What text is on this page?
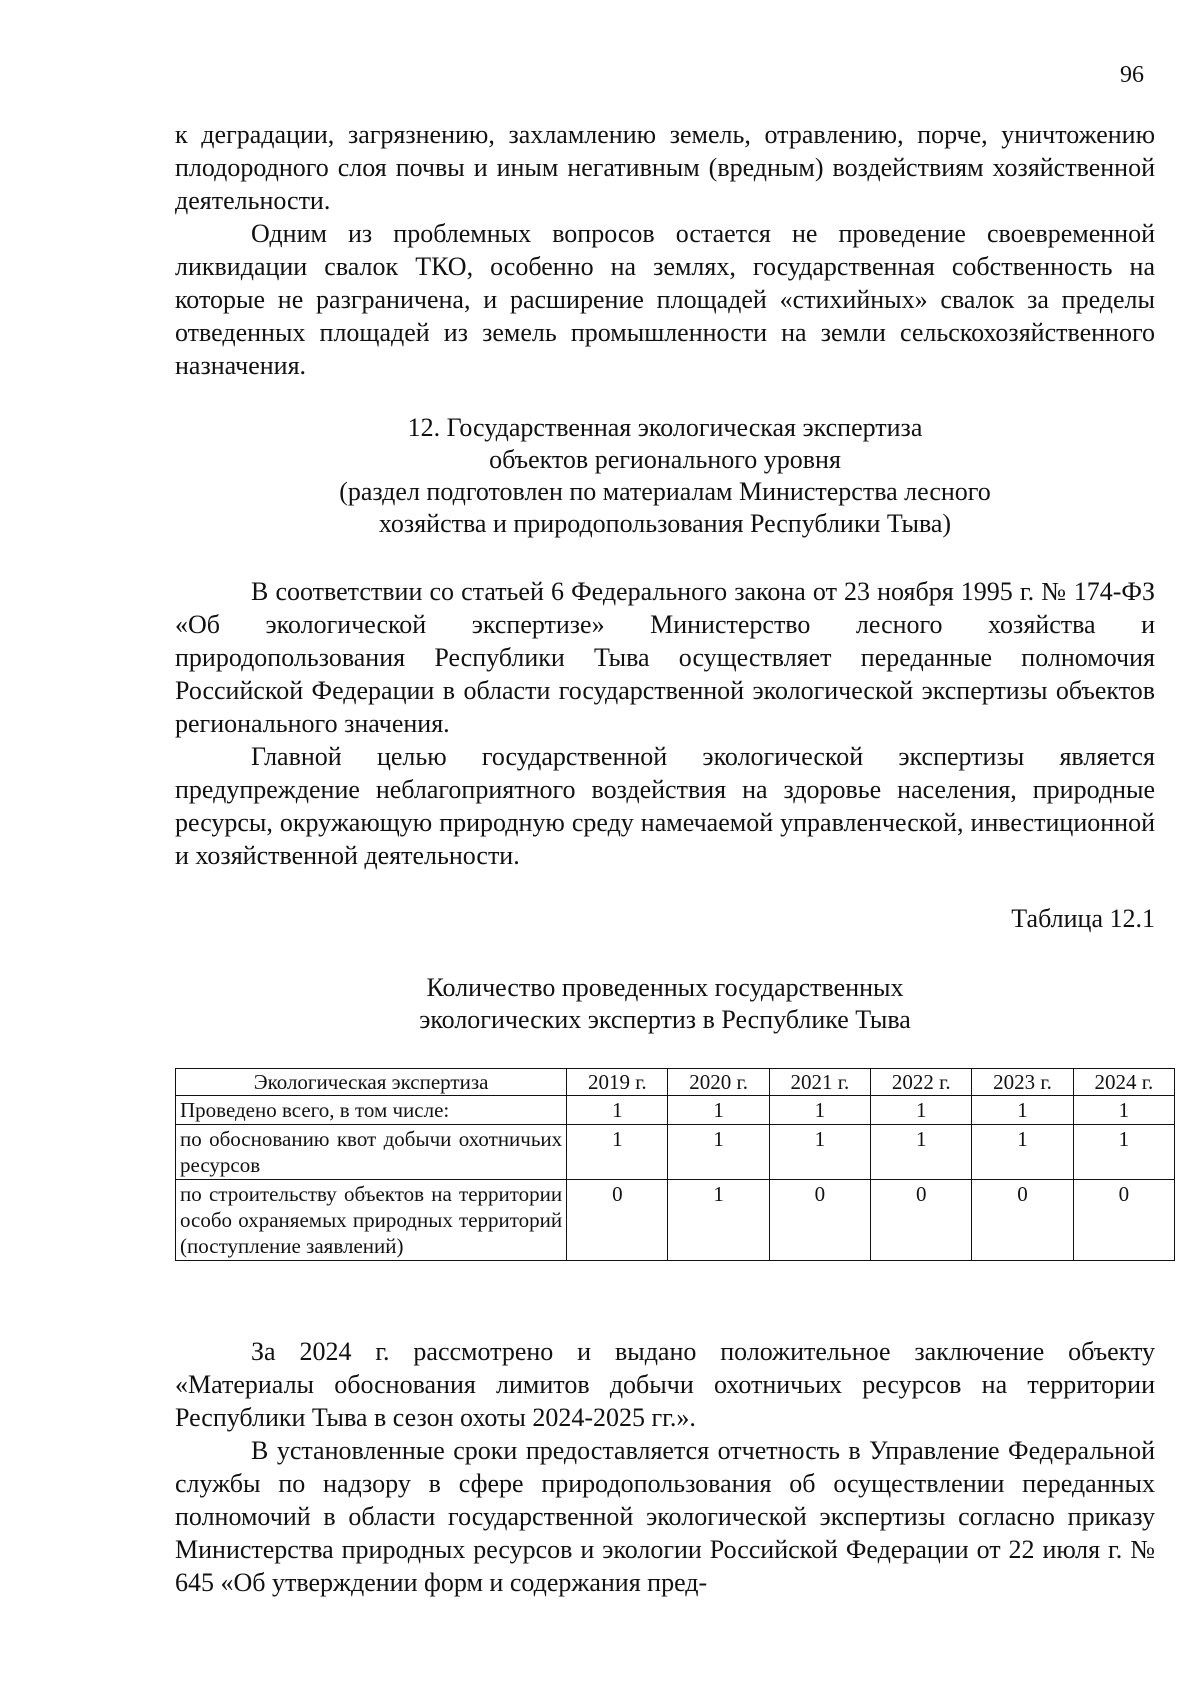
96

к деградации, загрязнению, захламлению земель, отравлению, порче, уничтожению плодородного слоя почвы и иным негативным (вредным) воздействиям хозяйственной деятельности.

Одним из проблемных вопросов остается не проведение своевременной ликвидации свалок ТКО, особенно на землях, государственная собственность на которые не разграничена, и расширение площадей «стихийных» свалок за пределы отведенных площадей из земель промышленности на земли сельскохозяйственного назначения.

12. Государственная экологическая экспертиза
объектов регионального уровня
(раздел подготовлен по материалам Министерства лесного
хозяйства и природопользования Республики Тыва)

В соответствии со статьей 6 Федерального закона от 23 ноября 1995 г. № 174-ФЗ «Об экологической экспертизе» Министерство лесного хозяйства и природопользования Республики Тыва осуществляет переданные полномочия Российской Федерации в области государственной экологической экспертизы объектов регионального значения.

Главной целью государственной экологической экспертизы является предупреждение неблагоприятного воздействия на здоровье населения, природные ресурсы, окружающую природную среду намечаемой управленческой, инвестиционной и хозяйственной деятельности.

Таблица 12.1
Количество проведенных государственных
экологических экспертиз в Республике Тыва
Экологическая экспертиза	2019 г.	2020 г.	2021 г.	2022 г.	2023 г.	2024 г.
Проведено всего, в том числе:	1	1	1	1	1	1
по обоснованию квот добычи охотничьих ресурсов	1	1	1	1	1	1
по строительству объектов на территории особо охраняемых природных территорий (поступление заявлений)	0	1	0	0	0	0

За 2024 г. рассмотрено и выдано положительное заключение объекту «Материалы обоснования лимитов добычи охотничьих ресурсов на территории Республики Тыва в сезон охоты 2024-2025 гг.».

В установленные сроки предоставляется отчетность в Управление Федеральной службы по надзору в сфере природопользования об осуществлении переданных полномочий в области государственной экологической экспертизы согласно приказу Министерства природных ресурсов и экологии Российской Федерации от 22 июля г. № 645 «Об утверждении форм и содержания пред-
